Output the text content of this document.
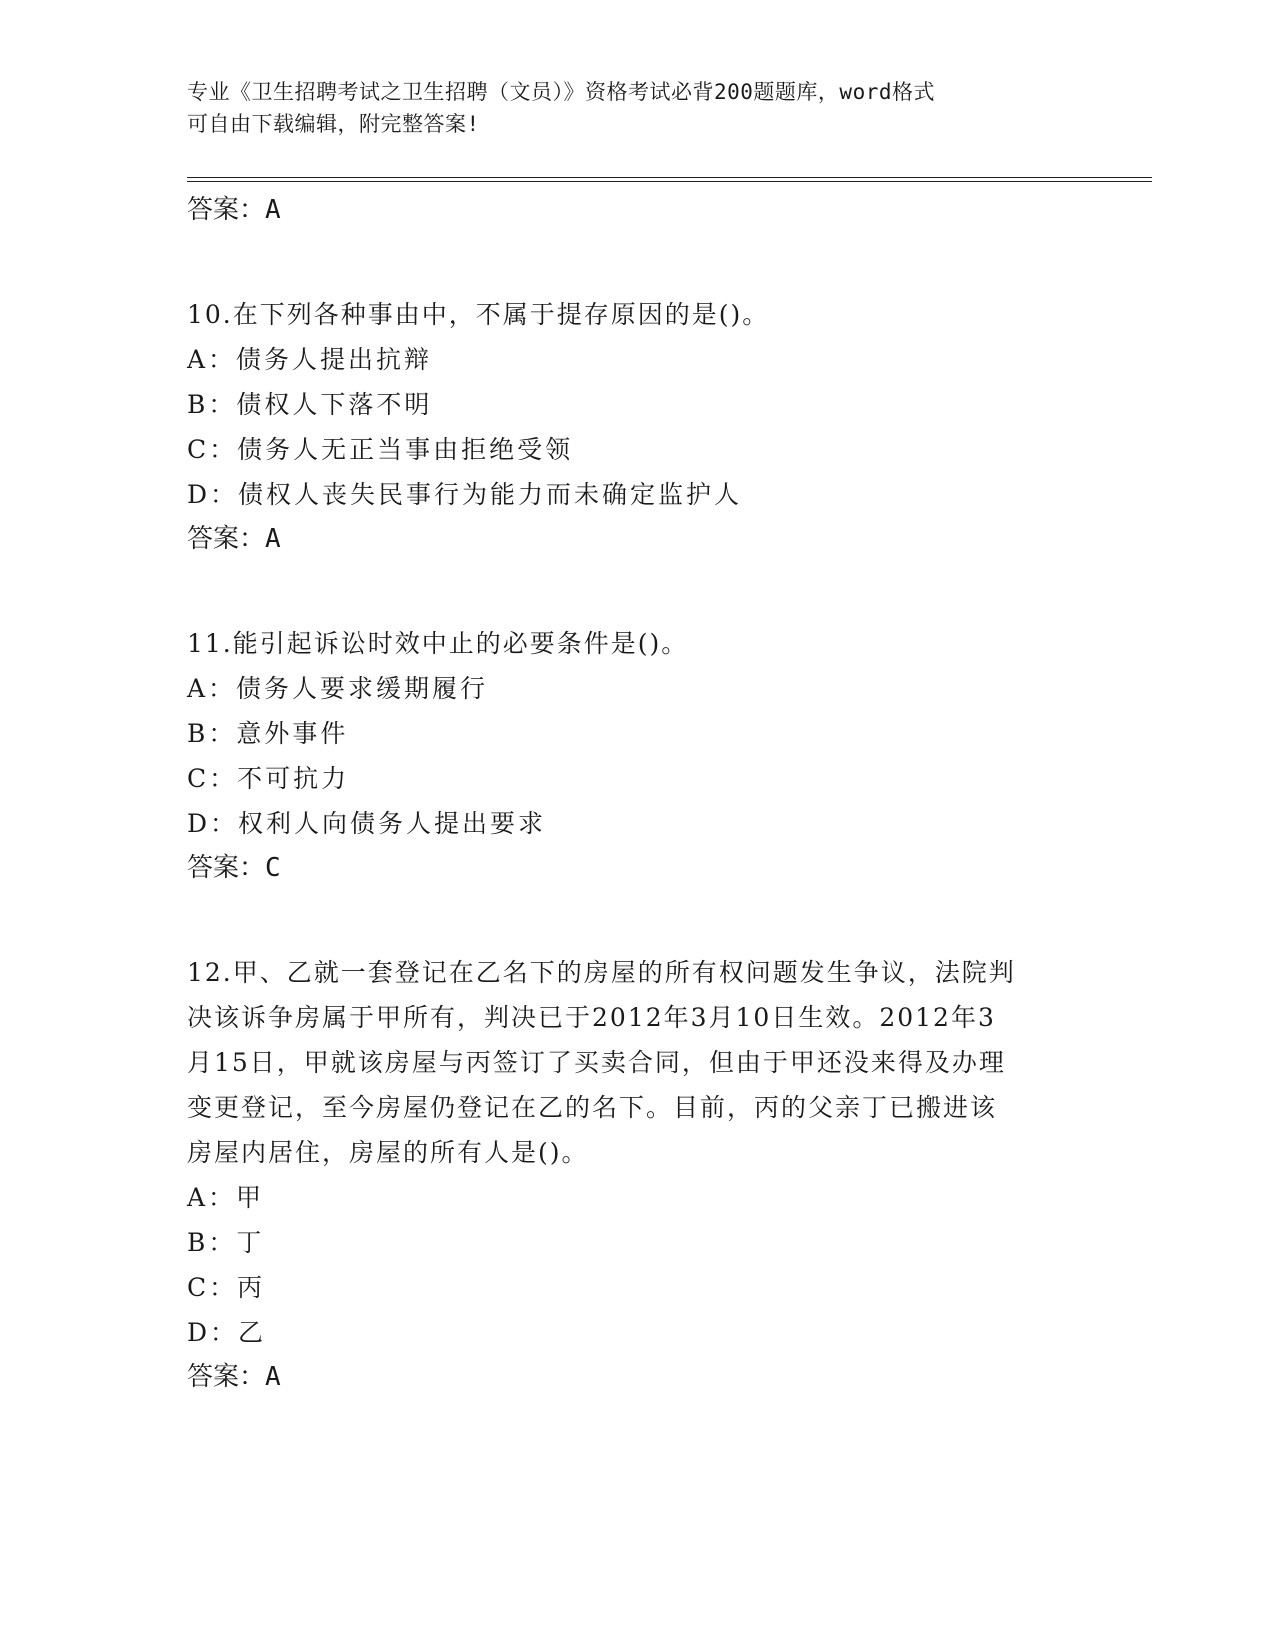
专业《卫生招聘考试之卫生招聘（文员）》资格考试必背200题题库，word格式
可自由下载编辑，附完整答案!
答案：A
10.在下列各种事由中，不属于提存原因的是()。
A：债务人提出抗辩
B：债权人下落不明
C：债务人无正当事由拒绝受领
D：债权人丧失民事行为能力而未确定监护人
答案：A
11.能引起诉讼时效中止的必要条件是()。
A：债务人要求缓期履行
B：意外事件
C：不可抗力
D：权利人向债务人提出要求
答案：C
12.甲、乙就一套登记在乙名下的房屋的所有权问题发生争议，法院判
决该诉争房属于甲所有，判决已于2012年3月10日生效。2012年3
月15日，甲就该房屋与丙签订了买卖合同，但由于甲还没来得及办理
变更登记，至今房屋仍登记在乙的名下。目前，丙的父亲丁已搬进该
房屋内居住，房屋的所有人是()。
A：甲
B：丁
C：丙
D：乙
答案：A
